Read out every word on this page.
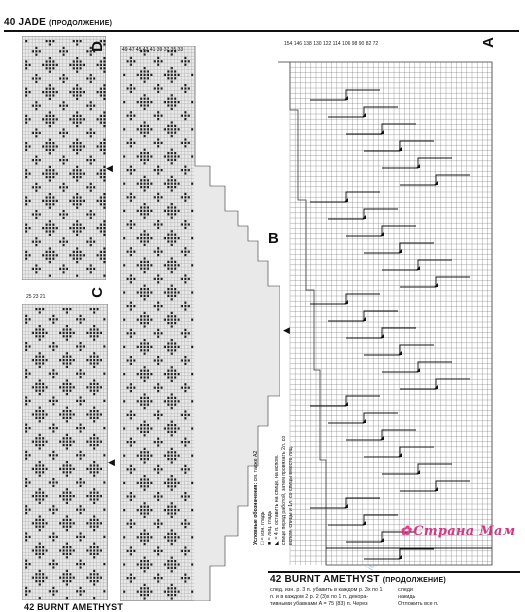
40 JADE (ПРОДОЛЖЕНИЕ)
D
◀
C
25 23 21
◀
49 47 45 43 41 39 37 35 33
B
◀
Условные обозначения: см. также A2
□ = изн. гладь
■ = лиц. гладь
◣ = 4 п. оставить на спице, на вспом. спице перед работой, затем провязать 2л. со вспом. спицы и 1л. со спицы вместе лиц.
154 146 138 130 122 114 106 98 90 82 72	A
✿ Страна Мам
42 BURNT AMETHYST (ПРОДОЛЖЕНИЕ)
след. изн. р. 3 п. убавить в каждом р. 3х по 1
п. и в каждом 2 р. 2 (3)х по 1 п. декора-
тивными убавками A = 75 (83) п. Через
следи
накидь
Отложить все п.
42 BURNT AMETHYST
